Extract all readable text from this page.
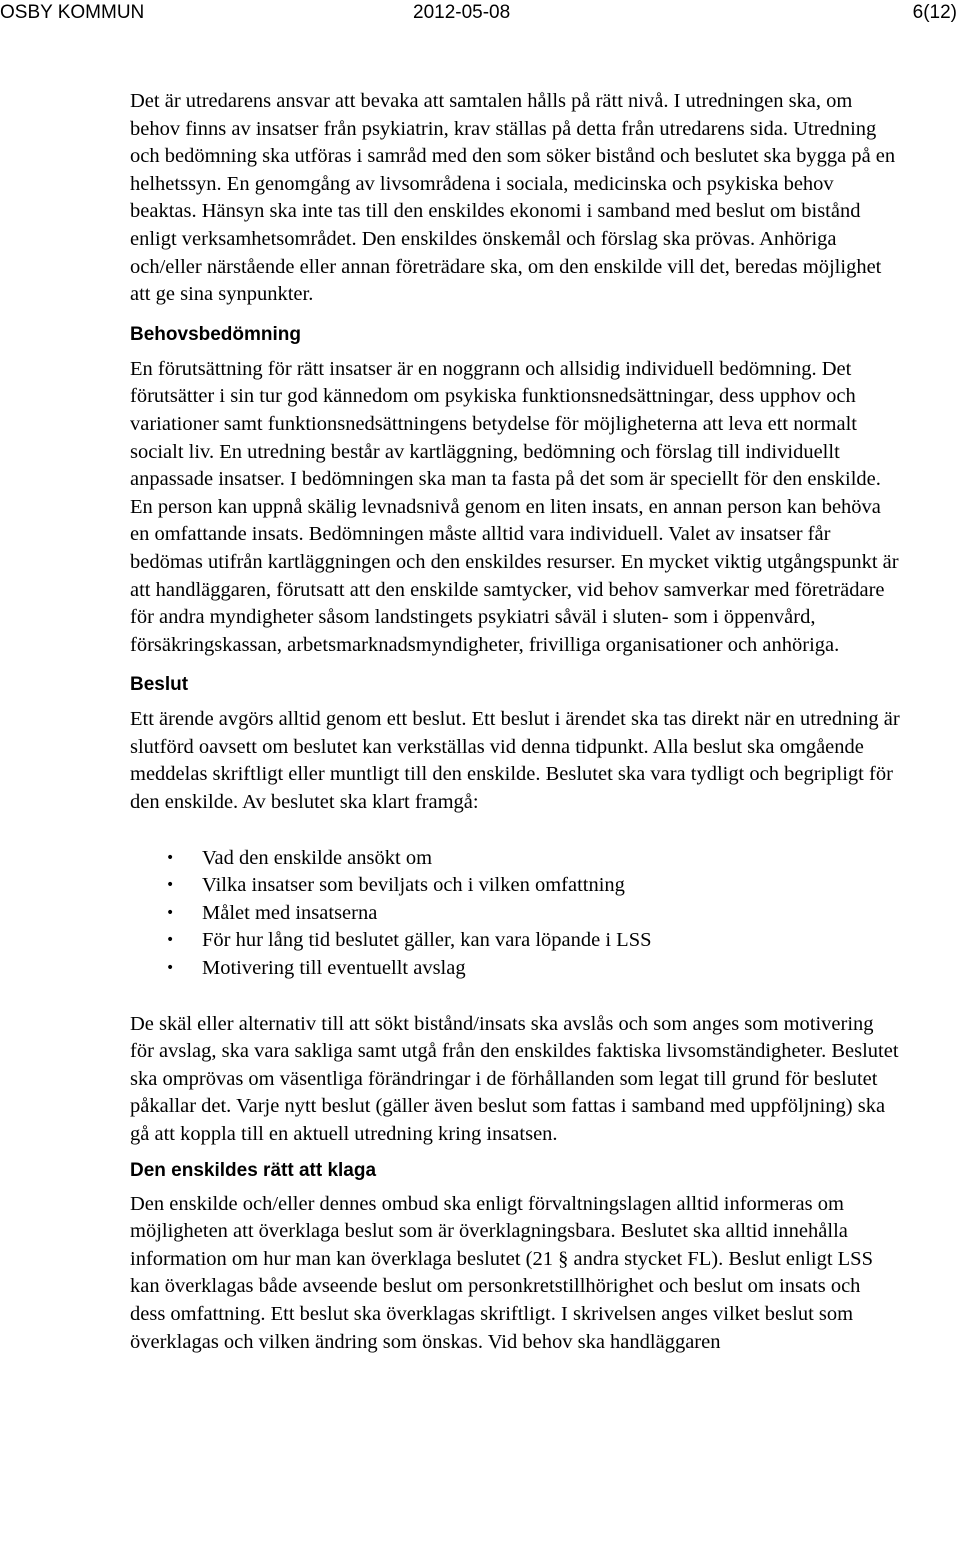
OSBY KOMMUN	2012-05-08	6(12)

Det är utredarens ansvar att bevaka att samtalen hålls på rätt nivå. I utredningen ska, om behov finns av insatser från psykiatrin, krav ställas på detta från utredarens sida. Utredning och bedömning ska utföras i samråd med den som söker bistånd och beslutet ska bygga på en helhetssyn. En genomgång av livsområdena i sociala, medicinska och psykiska behov beaktas. Hänsyn ska inte tas till den enskildes ekonomi i samband med beslut om bistånd enligt verksamhetsområdet. Den enskildes önskemål och förslag ska prövas. Anhöriga och/eller närstående eller annan företrädare ska, om den enskilde vill det, beredas möjlighet att ge sina synpunkter.

Behovsbedömning

En förutsättning för rätt insatser är en noggrann och allsidig individuell bedömning. Det förutsätter i sin tur god kännedom om psykiska funktionsnedsättningar, dess upphov och variationer samt funktionsnedsättningens betydelse för möjligheterna att leva ett normalt socialt liv. En utredning består av kartläggning, bedömning och förslag till individuellt anpassade insatser. I bedömningen ska man ta fasta på det som är speciellt för den enskilde. En person kan uppnå skälig levnadsnivå genom en liten insats, en annan person kan behöva en omfattande insats. Bedömningen måste alltid vara individuell. Valet av insatser får bedömas utifrån kartläggningen och den enskildes resurser. En mycket viktig utgångspunkt är att handläggaren, förutsatt att den enskilde samtycker, vid behov samverkar med företrädare för andra myndigheter såsom landstingets psykiatri såväl i sluten- som i öppenvård, försäkringskassan, arbetsmarknadsmyndigheter, frivilliga organisationer och anhöriga.

Beslut

Ett ärende avgörs alltid genom ett beslut. Ett beslut i ärendet ska tas direkt när en utredning är slutförd oavsett om beslutet kan verkställas vid denna tidpunkt. Alla beslut ska omgående meddelas skriftligt eller muntligt till den enskilde. Beslutet ska vara tydligt och begripligt för den enskilde. Av beslutet ska klart framgå:

• Vad den enskilde ansökt om
• Vilka insatser som beviljats och i vilken omfattning
• Målet med insatserna
• För hur lång tid beslutet gäller, kan vara löpande i LSS
• Motivering till eventuellt avslag

De skäl eller alternativ till att sökt bistånd/insats ska avslås och som anges som motivering för avslag, ska vara sakliga samt utgå från den enskildes faktiska livsomständigheter. Beslutet ska omprövas om väsentliga förändringar i de förhållanden som legat till grund för beslutet påkallar det. Varje nytt beslut (gäller även beslut som fattas i samband med uppföljning) ska gå att koppla till en aktuell utredning kring insatsen.

Den enskildes rätt att klaga

Den enskilde och/eller dennes ombud ska enligt förvaltningslagen alltid informeras om möjligheten att överklaga beslut som är överklagningsbara. Beslutet ska alltid innehålla information om hur man kan överklaga beslutet (21 § andra stycket FL). Beslut enligt LSS kan överklagas både avseende beslut om personkretstillhörighet och beslut om insats och dess omfattning. Ett beslut ska överklagas skriftligt. I skrivelsen anges vilket beslut som överklagas och vilken ändring som önskas. Vid behov ska handläggaren
